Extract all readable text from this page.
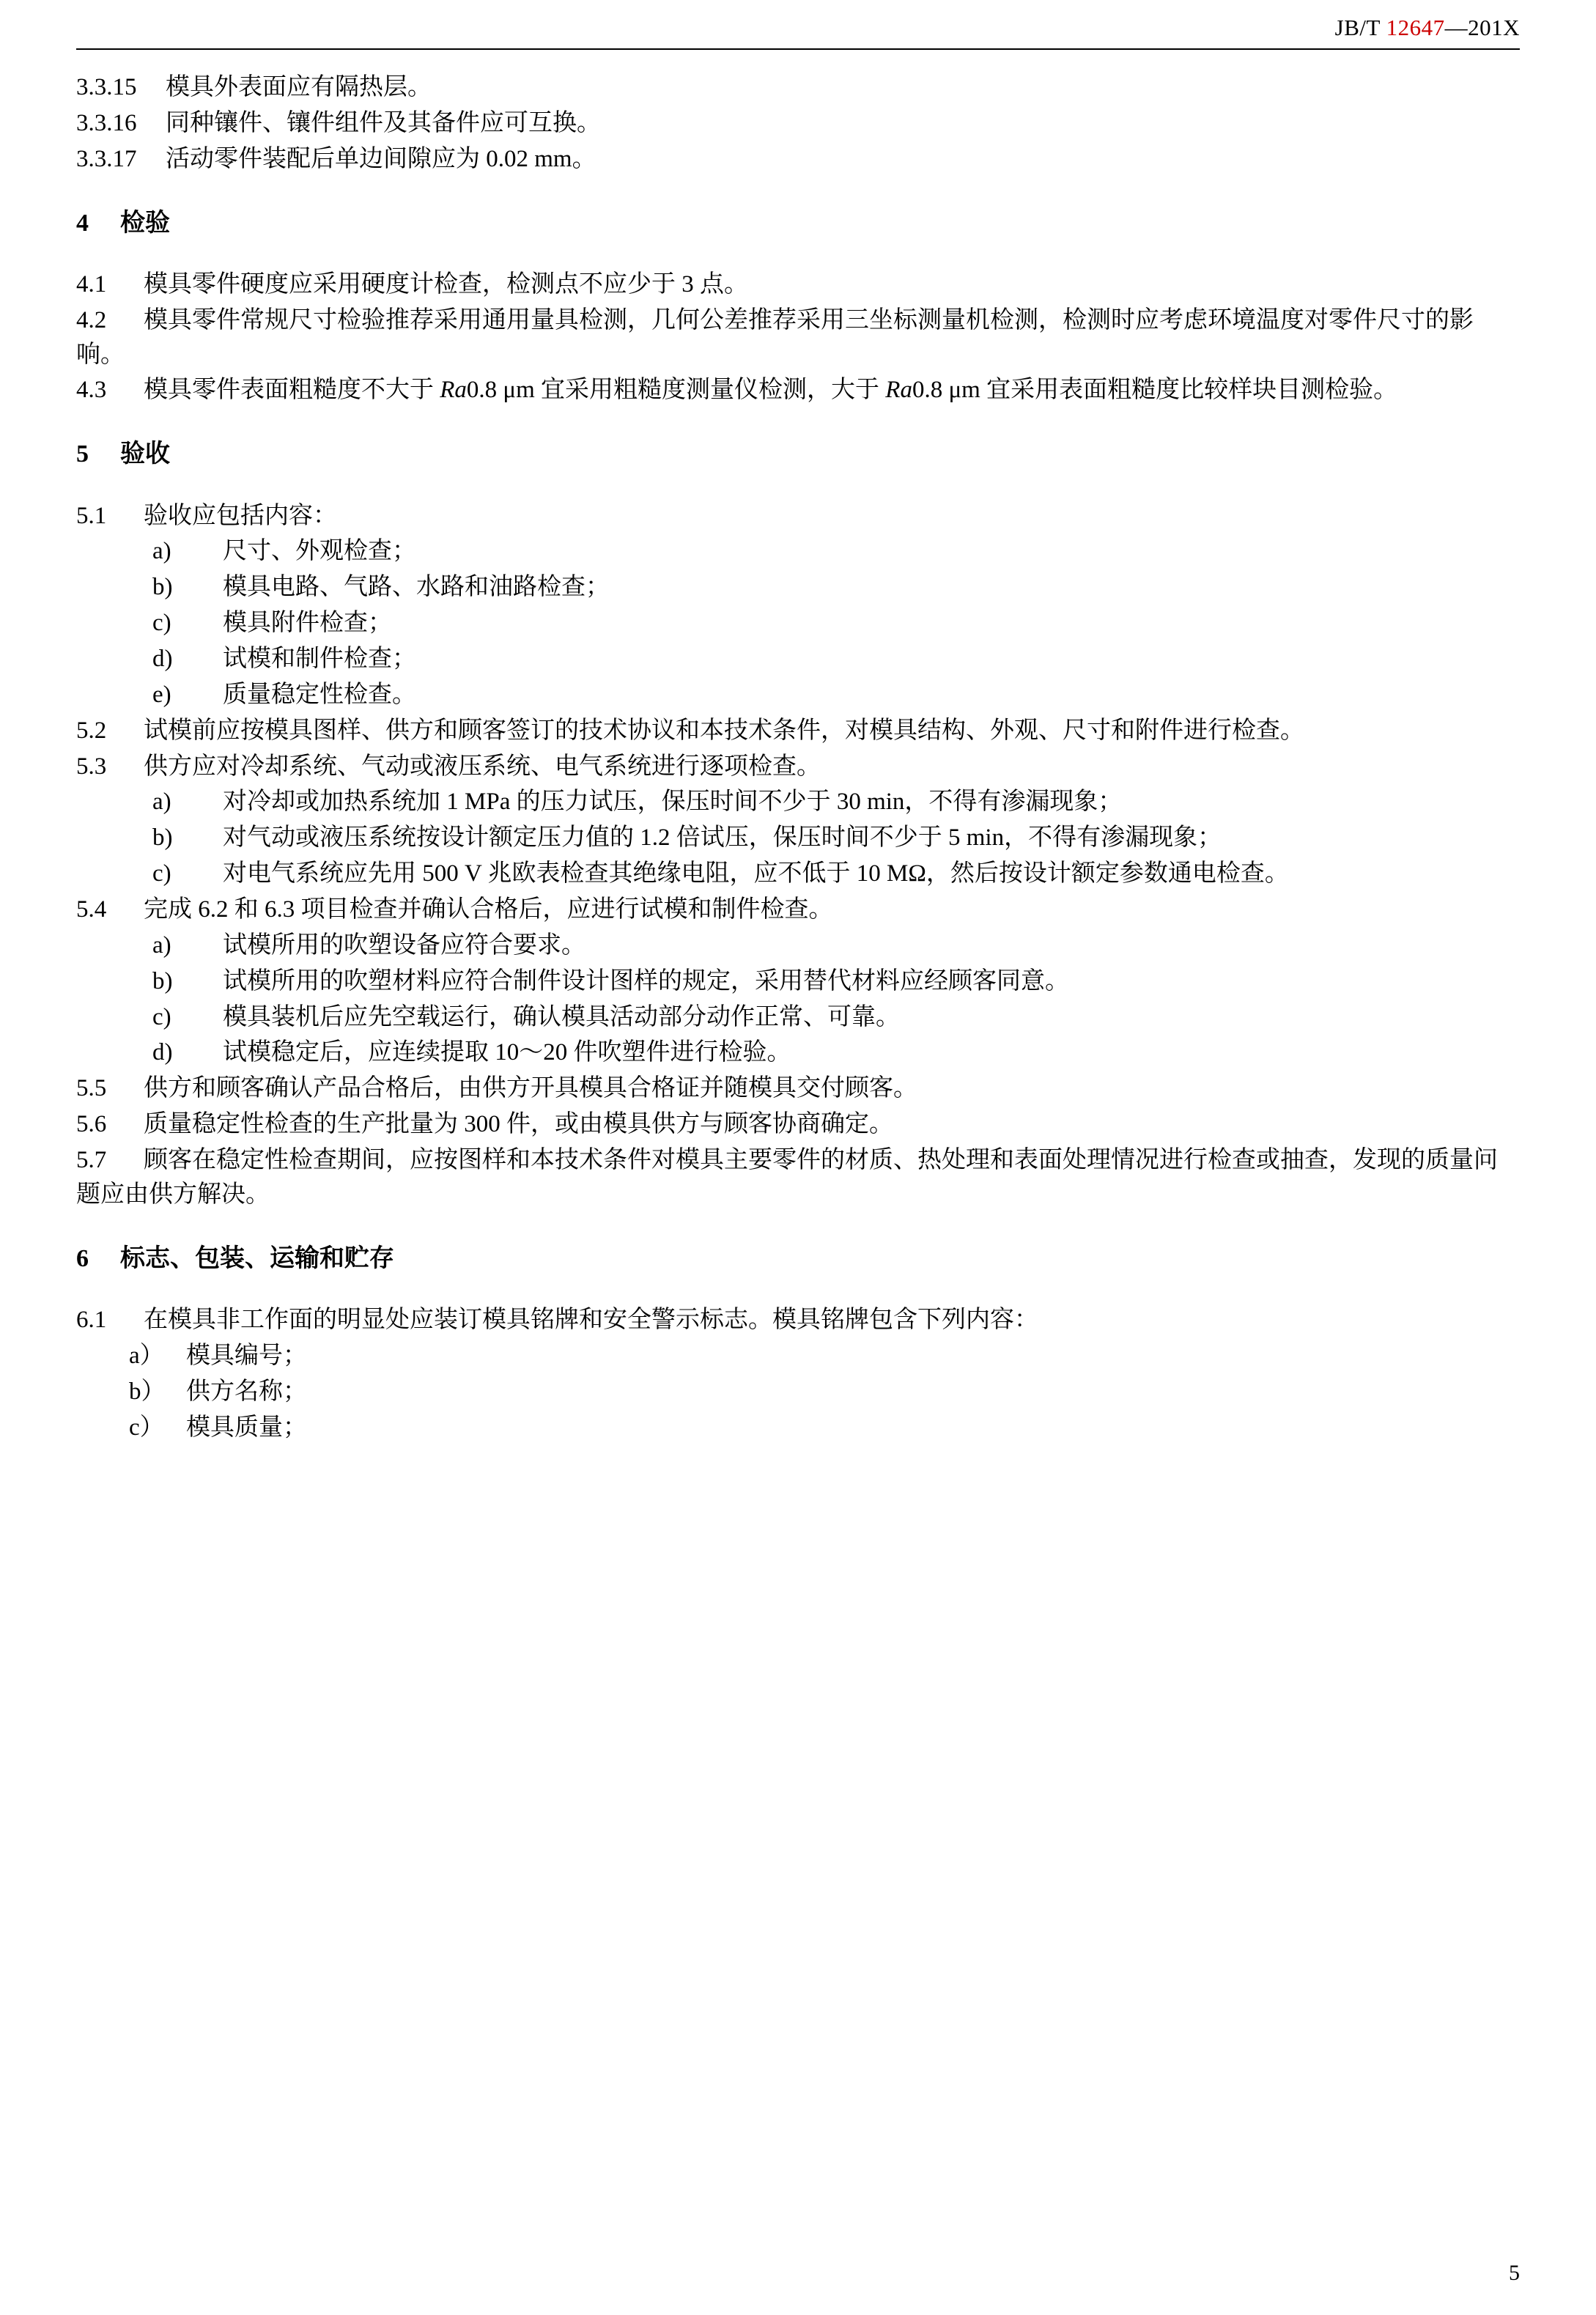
JB/T 12647 —201X
3.3.15	模具外表面应有隔热层。
3.3.16	同种镶件、镶件组件及其备件应可互换。
3.3.17	活动零件装配后单边间隙应为 0.02 mm。
4 检验
4.1 模具零件硬度应采用硬度计检查，检测点不应少于 3 点。
4.2 模具零件常规尺寸检验推荐采用通用量具检测，几何公差推荐采用三坐标测量机检测，检测时应考虑环境温度对零件尺寸的影响。
4.3 模具零件表面粗糙度不大于 Ra0.8 μm 宜采用粗糙度测量仪检测，大于 Ra0.8 μm 宜采用表面粗糙度比较样块目测检验。
5 验收
5.1 验收应包括内容：
a)	尺寸、外观检查；
b)	模具电路、气路、水路和油路检查；
c)	模具附件检查；
d)	试模和制件检查；
e)	质量稳定性检查。
5.2 试模前应按模具图样、供方和顾客签订的技术协议和本技术条件，对模具结构、外观、尺寸和附件进行检查。
5.3 供方应对冷却系统、气动或液压系统、电气系统进行逐项检查。
a)	对冷却或加热系统加 1 MPa 的压力试压，保压时间不少于 30 min，不得有渗漏现象；
b)	对气动或液压系统按设计额定压力值的 1.2 倍试压，保压时间不少于 5 min，不得有渗漏现象；
c)	对电气系统应先用 500 V 兆欧表检查其绝缘电阻，应不低于 10 MΩ，然后按设计额定参数通电检查。
5.4 完成 6.2 和 6.3 项目检查并确认合格后，应进行试模和制件检查。
a)	试模所用的吹塑设备应符合要求。
b)	试模所用的吹塑材料应符合制件设计图样的规定，采用替代材料应经顾客同意。
c)	模具装机后应先空载运行，确认模具活动部分动作正常、可靠。
d)	试模稳定后，应连续提取 10～20 件吹塑件进行检验。
5.5 供方和顾客确认产品合格后，由供方开具模具合格证并随模具交付顾客。
5.6 质量稳定性检查的生产批量为 300 件，或由模具供方与顾客协商确定。
5.7 顾客在稳定性检查期间，应按图样和本技术条件对模具主要零件的材质、热处理和表面处理情况进行检查或抽查，发现的质量问题应由供方解决。
6 标志、包装、运输和贮存
6.1 在模具非工作面的明显处应装订模具铭牌和安全警示标志。模具铭牌包含下列内容：
a） 模具编号；
b） 供方名称；
c） 模具质量；
5
